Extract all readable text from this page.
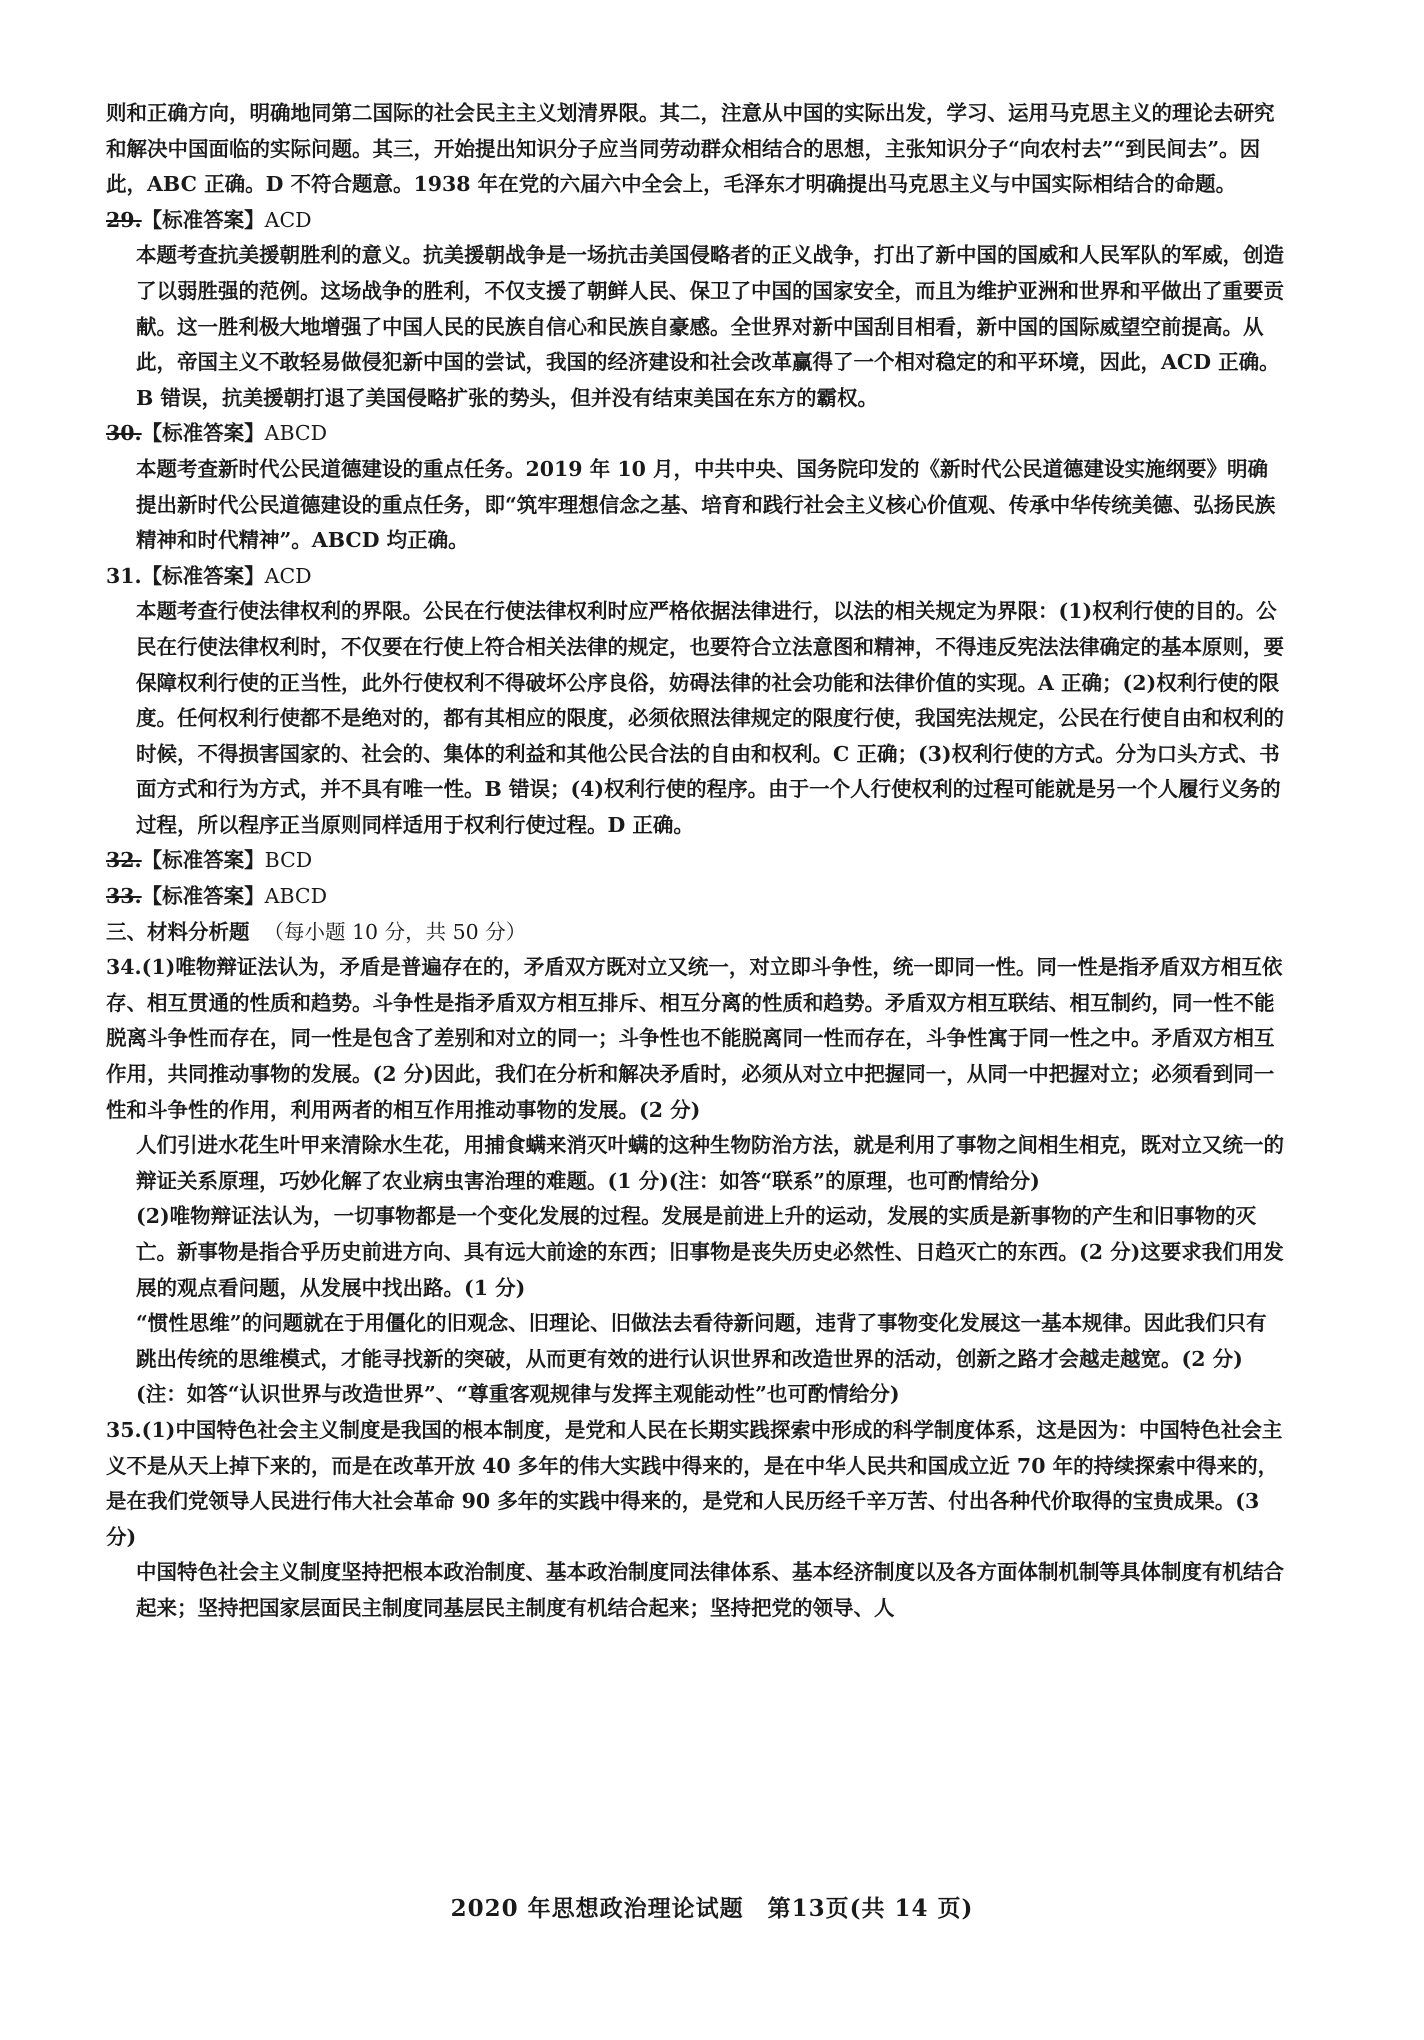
则和正确方向，明确地同第二国际的社会民主主义划清界限。其二，注意从中国的实际出发，学习、运用马克思主义的理论去研究和解决中国面临的实际问题。其三，开始提出知识分子应当同劳动群众相结合的思想，主张知识分子“向农村去”“到民间去”。因此，ABC 正确。D 不符合题意。1938 年在党的六届六中全会上，毛泽东才明确提出马克思主义与中国实际相结合的命题。

29.【标准答案】ACD

本题考查抗美援朝胜利的意义。抗美援朝战争是一场抗击美国侵略者的正义战争，打出了新中国的国威和人民军队的军威，创造了以弱胜强的范例。这场战争的胜利，不仅支援了朝鲜人民、保卫了中国的国家安全，而且为维护亚洲和世界和平做出了重要贡献。这一胜利极大地增强了中国人民的民族自信心和民族自豪感。全世界对新中国刮目相看，新中国的国际威望空前提高。从此，帝国主义不敢轻易做侵犯新中国的尝试，我国的经济建设和社会改革赢得了一个相对稳定的和平环境，因此，ACD 正确。B 错误，抗美援朝打退了美国侵略扩张的势头，但并没有结束美国在东方的霸权。

30.【标准答案】ABCD

本题考查新时代公民道德建设的重点任务。2019 年 10 月，中共中央、国务院印发的《新时代公民道德建设实施纲要》明确提出新时代公民道德建设的重点任务，即“筑牢理想信念之基、培育和践行社会主义核心价值观、传承中华传统美德、弘扬民族精神和时代精神”。ABCD 均正确。

31.【标准答案】ACD

本题考查行使法律权利的界限。公民在行使法律权利时应严格依据法律进行，以法的相关规定为界限：(1)权利行使的目的。公民在行使法律权利时，不仅要在行使上符合相关法律的规定，也要符合立法意图和精神，不得违反宪法法律确定的基本原则，要保障权利行使的正当性，此外行使权利不得破坏公序良俗，妨碍法律的社会功能和法律价值的实现。A 正确；(2)权利行使的限度。任何权利行使都不是绝对的，都有其相应的限度，必须依照法律规定的限度行使，我国宪法规定，公民在行使自由和权利的时候，不得损害国家的、社会的、集体的利益和其他公民合法的自由和权利。C 正确；(3)权利行使的方式。分为口头方式、书面方式和行为方式，并不具有唯一性。B 错误；(4)权利行使的程序。由于一个人行使权利的过程可能就是另一个人履行义务的过程，所以程序正当原则同样适用于权利行使过程。D 正确。

32.【标准答案】BCD
33.【标准答案】ABCD
三、材料分析题 （每小题 10 分，共 50 分）

34.(1)唯物辩证法认为，矛盾是普遍存在的，矛盾双方既对立又统一，对立即斗争性，统一即同一性。同一性是指矛盾双方相互依存、相互贯通的性质和趋势。斗争性是指矛盾双方相互排斥、相互分离的性质和趋势。矛盾双方相互联结、相互制约，同一性不能脱离斗争性而存在，同一性是包含了差别和对立的同一；斗争性也不能脱离同一性而存在，斗争性寓于同一性之中。矛盾双方相互作用，共同推动事物的发展。(2 分)因此，我们在分析和解决矛盾时，必须从对立中把握同一，从同一中把握对立；必须看到同一性和斗争性的作用，利用两者的相互作用推动事物的发展。(2 分)

人们引进水花生叶甲来清除水生花，用捕食螨来消灭叶螨的这种生物防治方法，就是利用了事物之间相生相克，既对立又统一的辩证关系原理，巧妙化解了农业病虫害治理的难题。(1 分)(注：如答“联系”的原理，也可酌情给分)

(2)唯物辩证法认为，一切事物都是一个变化发展的过程。发展是前进上升的运动，发展的实质是新事物的产生和旧事物的灭亡。新事物是指合乎历史前进方向、具有远大前途的东西；旧事物是丧失历史必然性、日趋灭亡的东西。(2 分)这要求我们用发展的观点看问题，从发展中找出路。(1 分)

“惯性思维”的问题就在于用僵化的旧观念、旧理论、旧做法去看待新问题，违背了事物变化发展这一基本规律。因此我们只有跳出传统的思维模式，才能寻找新的突破，从而更有效的进行认识世界和改造世界的活动，创新之路才会越走越宽。(2 分)(注：如答“认识世界与改造世界”、“尊重客观规律与发挥主观能动性”也可酌情给分)

35.(1)中国特色社会主义制度是我国的根本制度，是党和人民在长期实践探索中形成的科学制度体系，这是因为：中国特色社会主义不是从天上掉下来的，而是在改革开放 40 多年的伟大实践中得来的，是在中华人民共和国成立近 70 年的持续探索中得来的，是在我们党领导人民进行伟大社会革命 90 多年的实践中得来的，是党和人民历经千辛万苦、付出各种代价取得的宝贵成果。(3 分)

中国特色社会主义制度坚持把根本政治制度、基本政治制度同法律体系、基本经济制度以及各方面体制机制等具体制度有机结合起来；坚持把国家层面民主制度同基层民主制度有机结合起来；坚持把党的领导、人

2020 年思想政治理论试题　第13页(共 14 页)
